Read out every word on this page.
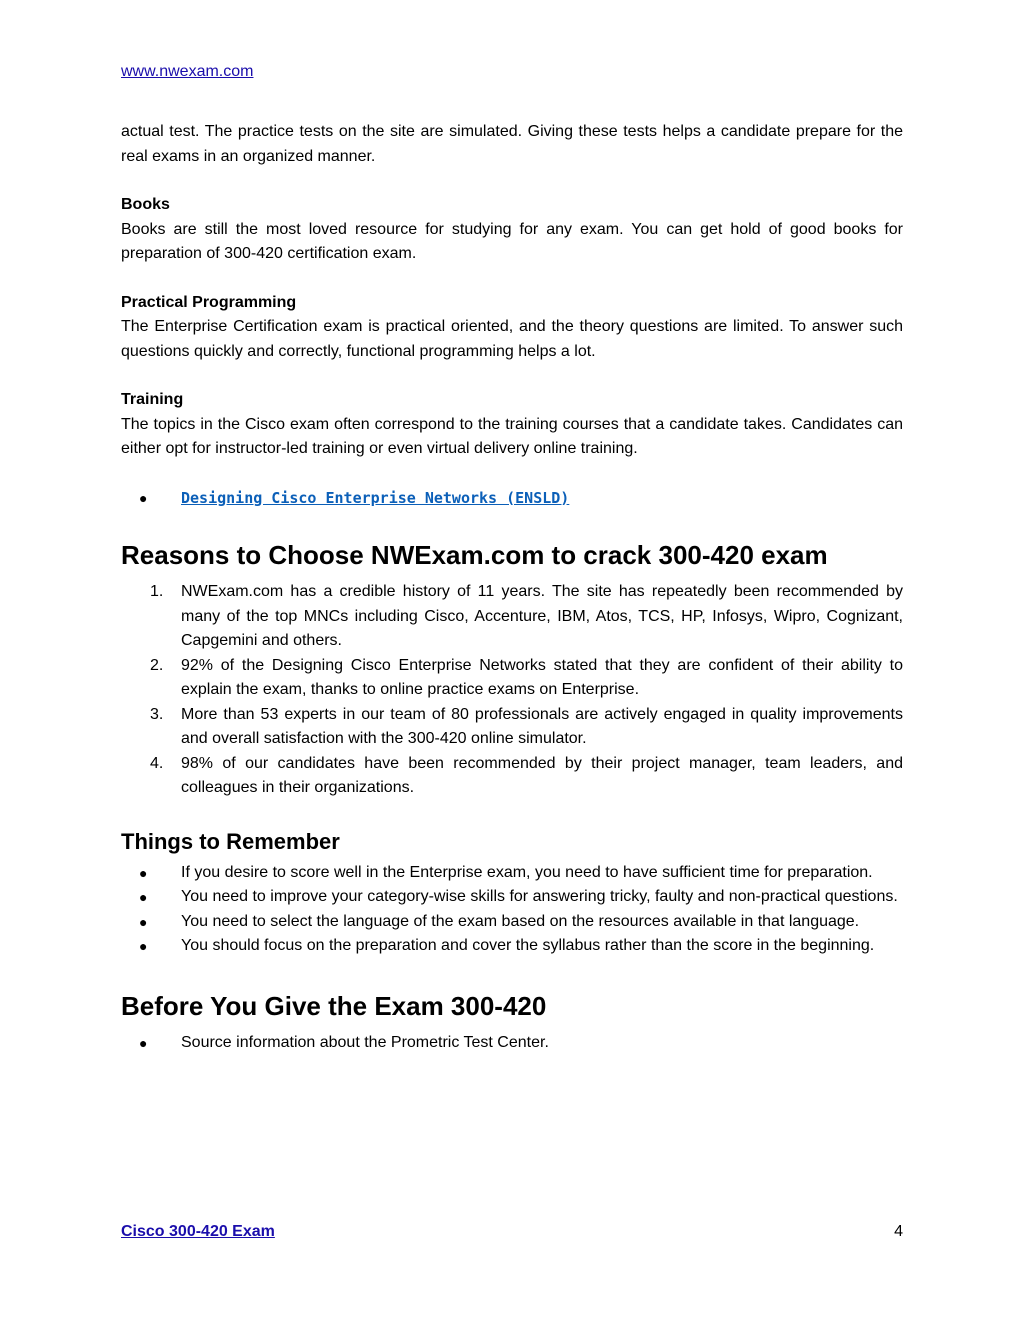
www.nwexam.com

actual test. The practice tests on the site are simulated. Giving these tests helps a candidate prepare for the real exams in an organized manner.

Books

Books are still the most loved resource for studying for any exam. You can get hold of good books for preparation of 300-420 certification exam.

Practical Programming

The Enterprise Certification exam is practical oriented, and the theory questions are limited. To answer such questions quickly and correctly, functional programming helps a lot.

Training

The topics in the Cisco exam often correspond to the training courses that a candidate takes. Candidates can either opt for instructor-led training or even virtual delivery online training.

● Designing Cisco Enterprise Networks (ENSLD)
Reasons to Choose NWExam.com to crack 300-420 exam
1. NWExam.com has a credible history of 11 years. The site has repeatedly been recommended by many of the top MNCs including Cisco, Accenture, IBM, Atos, TCS, HP, Infosys, Wipro, Cognizant, Capgemini and others.
2. 92% of the Designing Cisco Enterprise Networks stated that they are confident of their ability to explain the exam, thanks to online practice exams on Enterprise.
3. More than 53 experts in our team of 80 professionals are actively engaged in quality improvements and overall satisfaction with the 300-420 online simulator.
4. 98% of our candidates have been recommended by their project manager, team leaders, and colleagues in their organizations.
Things to Remember
● If you desire to score well in the Enterprise exam, you need to have sufficient time for preparation.
● You need to improve your category-wise skills for answering tricky, faulty and non-practical questions.
● You need to select the language of the exam based on the resources available in that language.
● You should focus on the preparation and cover the syllabus rather than the score in the beginning.
Before You Give the Exam 300-420
● Source information about the Prometric Test Center.
Cisco 300-420 Exam	4
